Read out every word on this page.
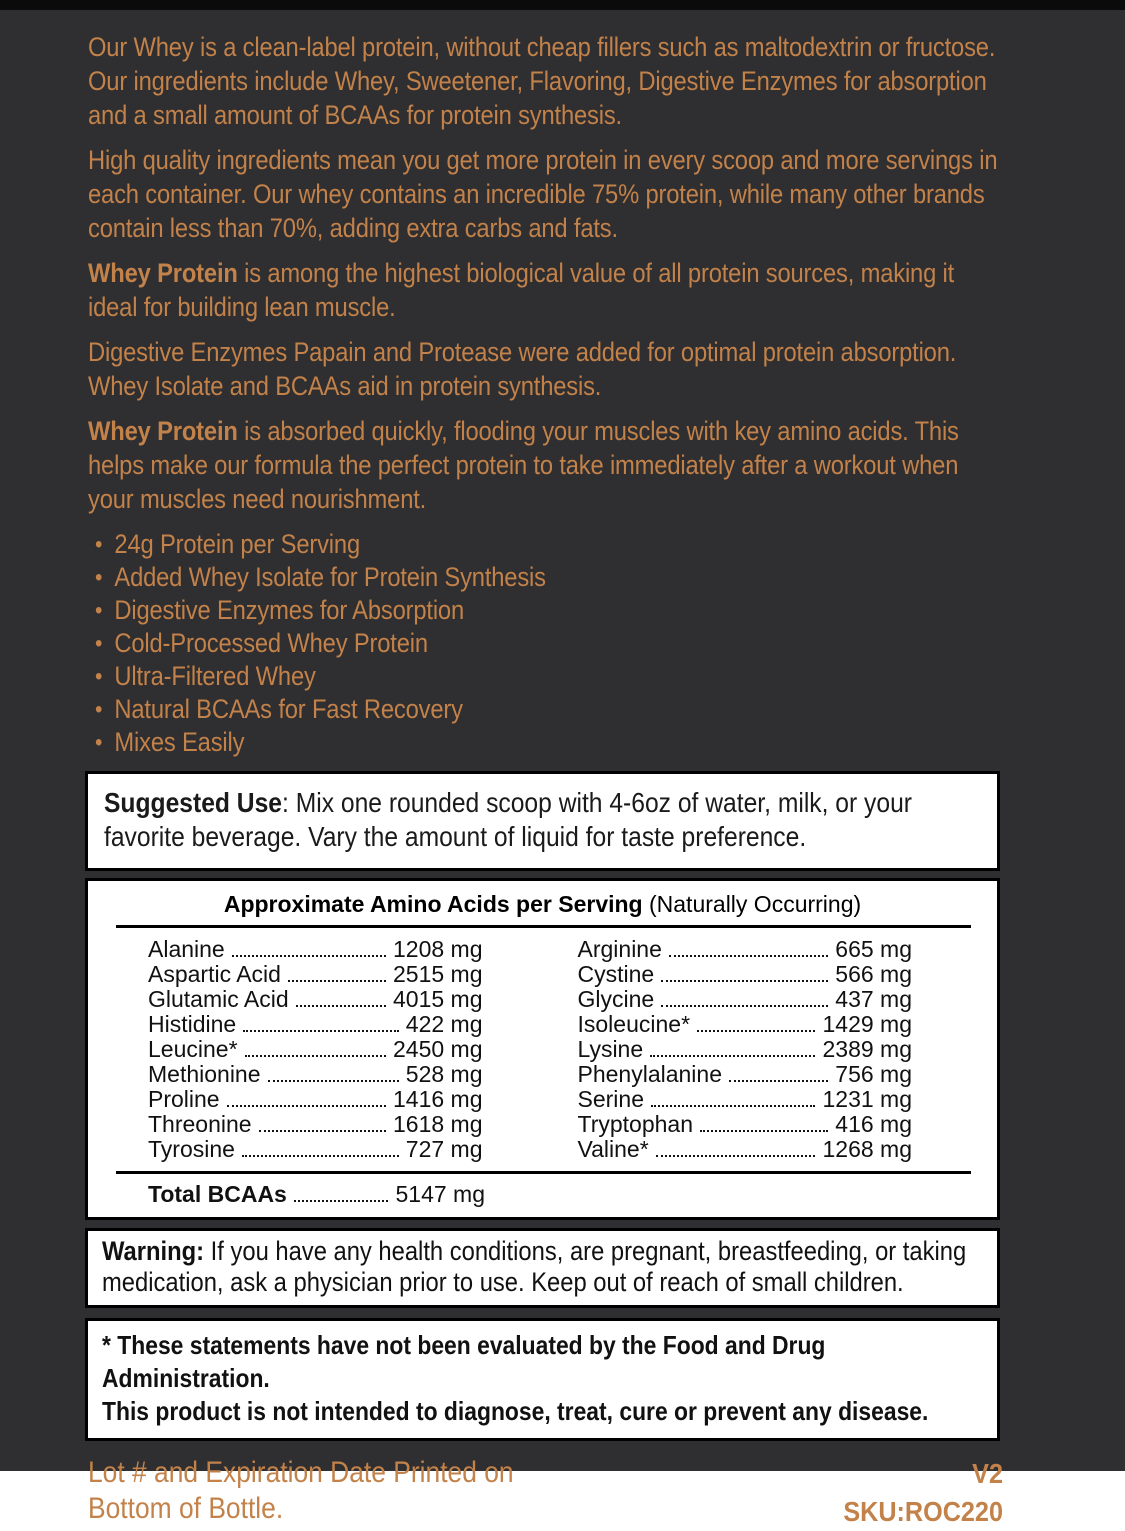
Our Whey is a clean-label protein, without cheap fillers such as maltodextrin or fructose. Our ingredients include Whey, Sweetener, Flavoring, Digestive Enzymes for absorption and a small amount of BCAAs for protein synthesis.

High quality ingredients mean you get more protein in every scoop and more servings in each container. Our whey contains an incredible 75% protein, while many other brands contain less than 70%, adding extra carbs and fats.

Whey Protein is among the highest biological value of all protein sources, making it ideal for building lean muscle.

Digestive Enzymes Papain and Protease were added for optimal protein absorption. Whey Isolate and BCAAs aid in protein synthesis.

Whey Protein is absorbed quickly, flooding your muscles with key amino acids. This helps make our formula the perfect protein to take immediately after a workout when your muscles need nourishment.

• 24g Protein per Serving
• Added Whey Isolate for Protein Synthesis
• Digestive Enzymes for Absorption
• Cold-Processed Whey Protein
• Ultra-Filtered Whey
• Natural BCAAs for Fast Recovery
• Mixes Easily
Suggested Use: Mix one rounded scoop with 4-6oz of water, milk, or your favorite beverage. Vary the amount of liquid for taste preference.
Approximate Amino Acids per Serving (Naturally Occurring)
Alanine	1208 mg
Aspartic Acid	2515 mg
Glutamic Acid	4015 mg
Histidine	422 mg
Leucine*	2450 mg
Methionine	528 mg
Proline	1416 mg
Threonine	1618 mg
Tyrosine	727 mg
Arginine	665 mg
Cystine	566 mg
Glycine	437 mg
Isoleucine*	1429 mg
Lysine	2389 mg
Phenylalanine	756 mg
Serine	1231 mg
Tryptophan	416 mg
Valine*	1268 mg
Total BCAAs	5147 mg
Warning: If you have any health conditions, are pregnant, breastfeeding, or taking medication, ask a physician prior to use. Keep out of reach of small children.
* These statements have not been evaluated by the Food and Drug Administration.
This product is not intended to diagnose, treat, cure or prevent any disease.
Lot # and Expiration Date Printed on
Bottom of Bottle.
V2
SKU:ROC220
